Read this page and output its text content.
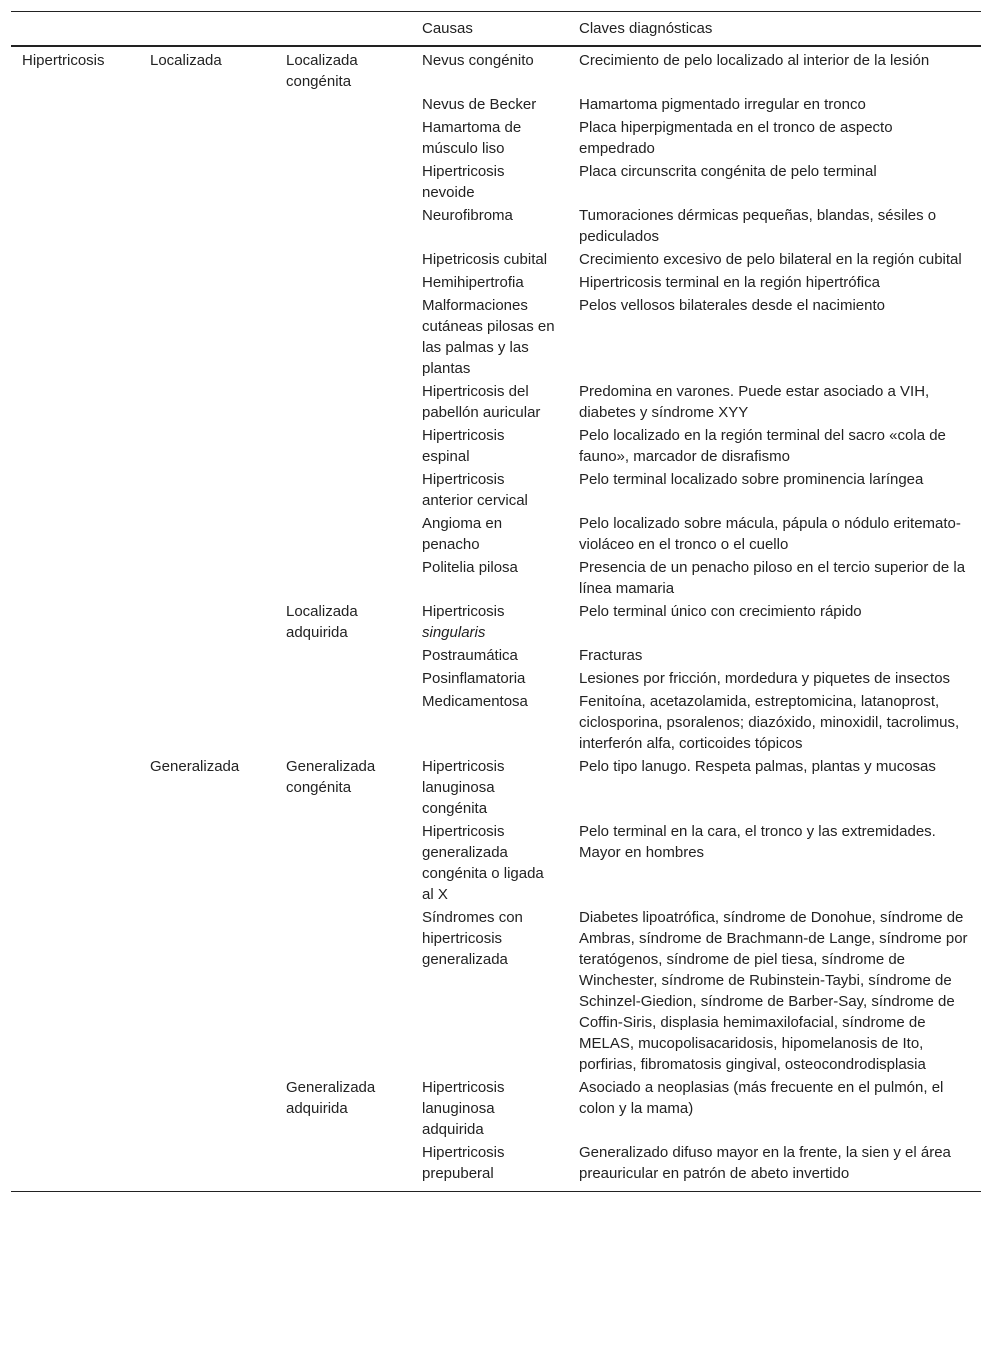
			Causas	Claves diagnósticas
Hipertricosis	Localizada	Localizada congénita	Nevus congénito	Crecimiento de pelo localizado al interior de la lesión
			Nevus de Becker	Hamartoma pigmentado irregular en tronco
			Hamartoma de músculo liso	Placa hiperpigmentada en el tronco de aspecto empedrado
			Hipertricosis nevoide	Placa circunscrita congénita de pelo terminal
			Neurofibroma	Tumoraciones dérmicas pequeñas, blandas, sésiles o pediculados
			Hipetricosis cubital	Crecimiento excesivo de pelo bilateral en la región cubital
			Hemihipertrofia	Hipertricosis terminal en la región hipertrófica
			Malformaciones cutáneas pilosas en las palmas y las plantas	Pelos vellosos bilaterales desde el nacimiento
			Hipertricosis del pabellón auricular	Predomina en varones. Puede estar asociado a VIH, diabetes y síndrome XYY
			Hipertricosis espinal	Pelo localizado en la región terminal del sacro «cola de fauno», marcador de disrafismo
			Hipertricosis anterior cervical	Pelo terminal localizado sobre prominencia laríngea
			Angioma en penacho	Pelo localizado sobre mácula, pápula o nódulo eritemato-violáceo en el tronco o el cuello
			Politelia pilosa	Presencia de un penacho piloso en el tercio superior de la línea mamaria
		Localizada adquirida	Hipertricosis singularis	Pelo terminal único con crecimiento rápido
			Postraumática	Fracturas
			Posinflamatoria	Lesiones por fricción, mordedura y piquetes de insectos
			Medicamentosa	Fenitoína, acetazolamida, estreptomicina, latanoprost, ciclosporina, psoralenos; diazóxido, minoxidil, tacrolimus, interferón alfa, corticoides tópicos
	Generalizada	Generalizada congénita	Hipertricosis lanuginosa congénita	Pelo tipo lanugo. Respeta palmas, plantas y mucosas
			Hipertricosis generalizada congénita o ligada al X	Pelo terminal en la cara, el tronco y las extremidades. Mayor en hombres
			Síndromes con hipertricosis generalizada	Diabetes lipoatrófica, síndrome de Donohue, síndrome de Ambras, síndrome de Brachmann-de Lange, síndrome por teratógenos, síndrome de piel tiesa, síndrome de Winchester, síndrome de Rubinstein-Taybi, síndrome de Schinzel-Giedion, síndrome de Barber-Say, síndrome de Coffin-Siris, displasia hemimaxilofacial, síndrome de MELAS, mucopolisacaridosis, hipomelanosis de Ito, porfirias, fibromatosis gingival, osteocondrodisplasia
		Generalizada adquirida	Hipertricosis lanuginosa adquirida	Asociado a neoplasias (más frecuente en el pulmón, el colon y la mama)
			Hipertricosis prepuberal	Generalizado difuso mayor en la frente, la sien y el área preauricular en patrón de abeto invertido
